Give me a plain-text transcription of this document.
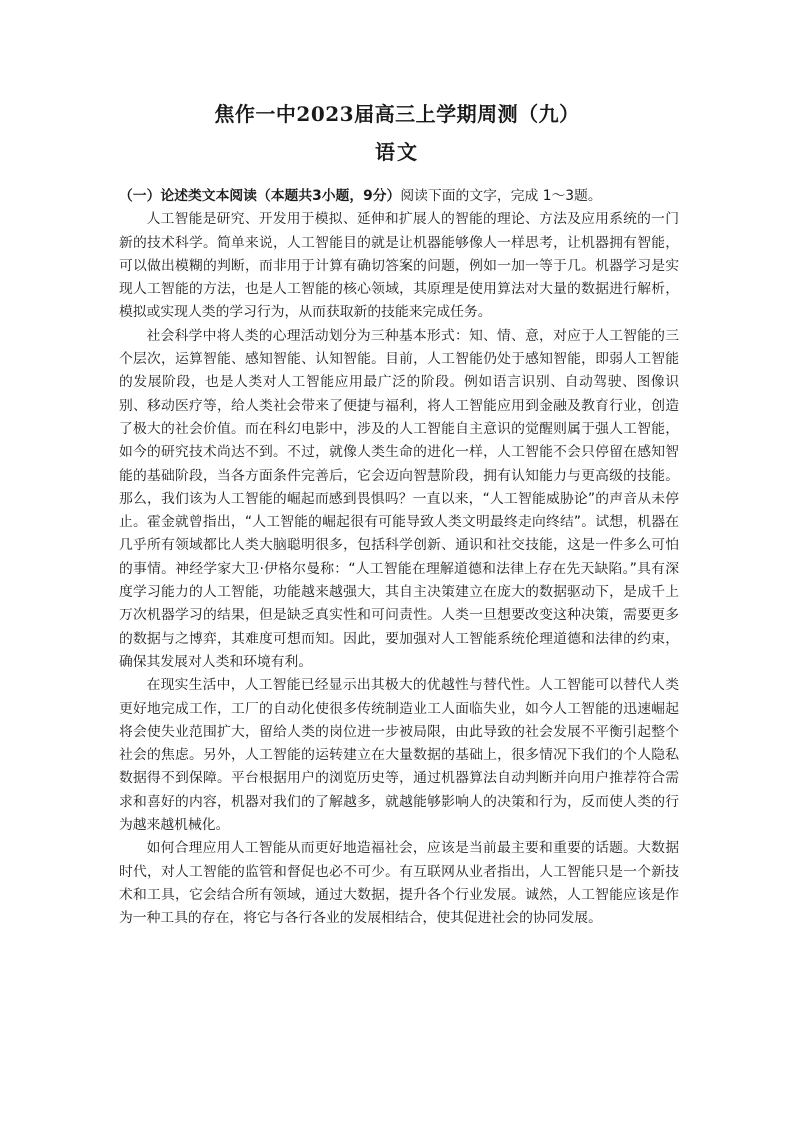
焦作一中2023届高三上学期周测（九）
语文

（一）论述类文本阅读（本题共3小题，9分）阅读下面的文字，完成 1～3题。

人工智能是研究、开发用于模拟、延伸和扩展人的智能的理论、方法及应用系统的一门新的技术科学。简单来说，人工智能目的就是让机器能够像人一样思考，让机器拥有智能，可以做出模糊的判断，而非用于计算有确切答案的问题，例如一加一等于几。机器学习是实现人工智能的方法，也是人工智能的核心领域，其原理是使用算法对大量的数据进行解析，模拟或实现人类的学习行为，从而获取新的技能来完成任务。

社会科学中将人类的心理活动划分为三种基本形式：知、情、意，对应于人工智能的三个层次，运算智能、感知智能、认知智能。目前，人工智能仍处于感知智能，即弱人工智能的发展阶段，也是人类对人工智能应用最广泛的阶段。例如语言识别、自动驾驶、图像识别、移动医疗等，给人类社会带来了便捷与福利，将人工智能应用到金融及教育行业，创造了极大的社会价值。而在科幻电影中，涉及的人工智能自主意识的觉醒则属于强人工智能，如今的研究技术尚达不到。不过，就像人类生命的进化一样，人工智能不会只停留在感知智能的基础阶段，当各方面条件完善后，它会迈向智慧阶段，拥有认知能力与更高级的技能。那么，我们该为人工智能的崛起而感到畏惧吗？一直以来，“人工智能威胁论”的声音从未停止。霍金就曾指出，“人工智能的崛起很有可能导致人类文明最终走向终结”。试想，机器在几乎所有领域都比人类大脑聪明很多，包括科学创新、通识和社交技能，这是一件多么可怕的事情。神经学家大卫·伊格尔曼称：“人工智能在理解道德和法律上存在先天缺陷。”具有深度学习能力的人工智能，功能越来越强大，其自主决策建立在庞大的数据驱动下，是成千上万次机器学习的结果，但是缺乏真实性和可问责性。人类一旦想要改变这种决策，需要更多的数据与之博弈，其难度可想而知。因此，要加强对人工智能系统伦理道德和法律的约束，确保其发展对人类和环境有利。

在现实生活中，人工智能已经显示出其极大的优越性与替代性。人工智能可以替代人类更好地完成工作，工厂的自动化使很多传统制造业工人面临失业，如今人工智能的迅速崛起将会使失业范围扩大，留给人类的岗位进一步被局限，由此导致的社会发展不平衡引起整个社会的焦虑。另外，人工智能的运转建立在大量数据的基础上，很多情况下我们的个人隐私数据得不到保障。平台根据用户的浏览历史等，通过机器算法自动判断并向用户推荐符合需求和喜好的内容，机器对我们的了解越多，就越能够影响人的决策和行为，反而使人类的行为越来越机械化。

如何合理应用人工智能从而更好地造福社会，应该是当前最主要和重要的话题。大数据时代，对人工智能的监管和督促也必不可少。有互联网从业者指出，人工智能只是一个新技术和工具，它会结合所有领域，通过大数据，提升各个行业发展。诚然，人工智能应该是作为一种工具的存在，将它与各行各业的发展相结合，使其促进社会的协同发展。
